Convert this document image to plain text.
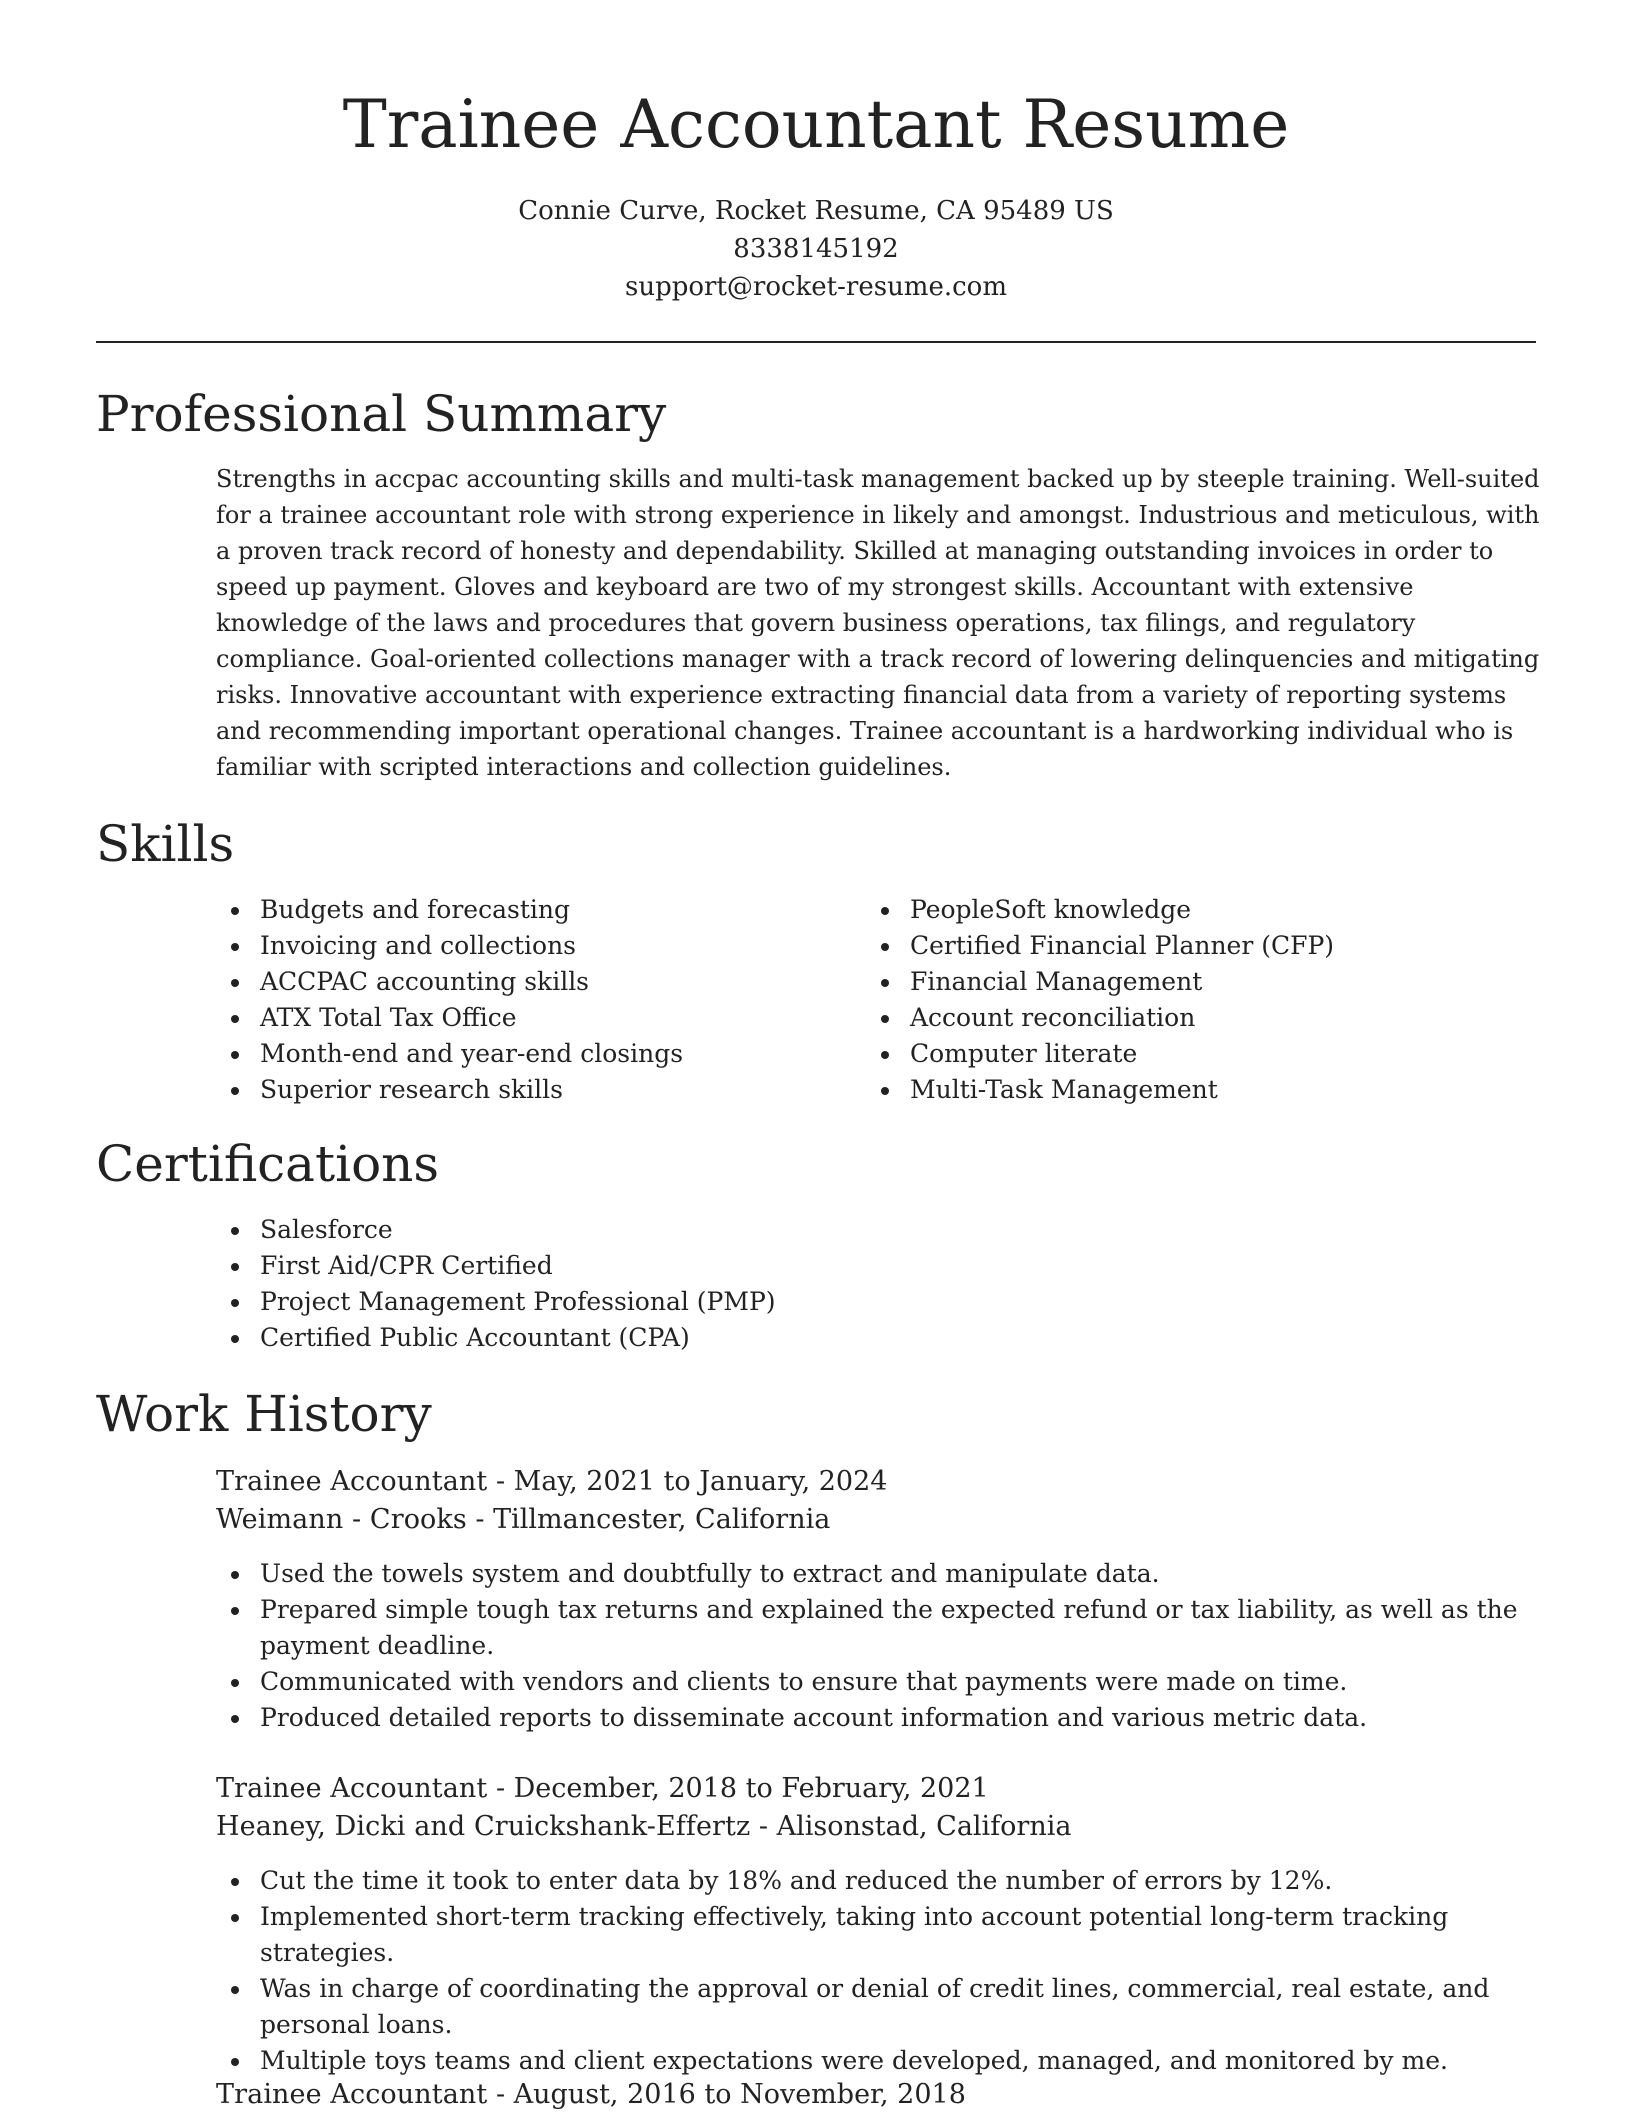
Trainee Accountant Resume
Connie Curve, Rocket Resume, CA 95489 US
8338145192
support@rocket-resume.com
Professional Summary

Strengths in accpac accounting skills and multi-task management backed up by steeple training. Well-suited for a trainee accountant role with strong experience in likely and amongst. Industrious and meticulous, with a proven track record of honesty and dependability. Skilled at managing outstanding invoices in order to speed up payment. Gloves and keyboard are two of my strongest skills. Accountant with extensive knowledge of the laws and procedures that govern business operations, tax filings, and regulatory compliance. Goal-oriented collections manager with a track record of lowering delinquencies and mitigating risks. Innovative accountant with experience extracting financial data from a variety of reporting systems and recommending important operational changes. Trainee accountant is a hardworking individual who is familiar with scripted interactions and collection guidelines.

Skills
Budgets and forecasting
Invoicing and collections
ACCPAC accounting skills
ATX Total Tax Office
Month-end and year-end closings
Superior research skills
PeopleSoft knowledge
Certified Financial Planner (CFP)
Financial Management
Account reconciliation
Computer literate
Multi-Task Management
Certifications
Salesforce
First Aid/CPR Certified
Project Management Professional (PMP)
Certified Public Accountant (CPA)
Work History
Trainee Accountant - May, 2021 to January, 2024
Weimann - Crooks - Tillmancester, California
Used the towels system and doubtfully to extract and manipulate data.
Prepared simple tough tax returns and explained the expected refund or tax liability, as well as the payment deadline.
Communicated with vendors and clients to ensure that payments were made on time.
Produced detailed reports to disseminate account information and various metric data.
Trainee Accountant - December, 2018 to February, 2021
Heaney, Dicki and Cruickshank-Effertz - Alisonstad, California
Cut the time it took to enter data by 18% and reduced the number of errors by 12%.
Implemented short-term tracking effectively, taking into account potential long-term tracking strategies.
Was in charge of coordinating the approval or denial of credit lines, commercial, real estate, and personal loans.
Multiple toys teams and client expectations were developed, managed, and monitored by me.
Trainee Accountant - August, 2016 to November, 2018
